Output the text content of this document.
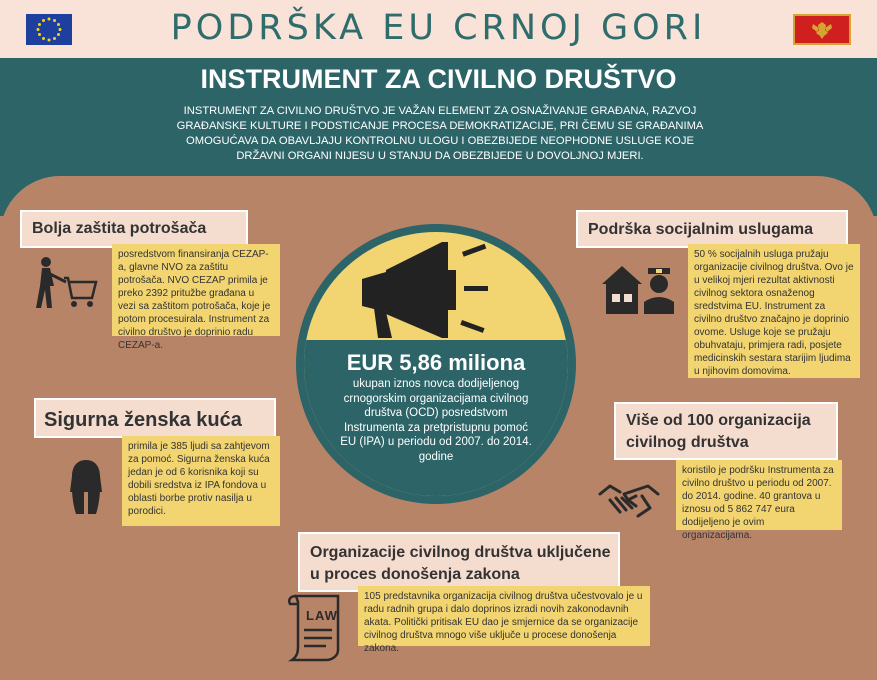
PODRŠKA EU CRNOJ GORI
INSTRUMENT ZA CIVILNO DRUŠTVO
INSTRUMENT ZA CIVILNO DRUŠTVO JE VAŽAN ELEMENT ZA OSNAŽIVANJE GRAĐANA, RAZVOJ GRAĐANSKE KULTURE I PODSTICANJE PROCESA DEMOKRATIZACIJE, PRI ČEMU SE GRAĐANIMA OMOGUĆAVA DA OBAVLJAJU KONTROLNU ULOGU I OBEZBIJEDE NEOPHODNE USLUGE KOJE DRŽAVNI ORGANI NIJESU U STANJU DA OBEZBIJEDE U DOVOLJNOJ MJERI.
EUR 5,86 miliona
ukupan iznos novca dodijeljenog crnogorskim organizacijama civilnog društva (OCD) posredstvom Instrumenta za pretpristupnu pomoć EU (IPA) u periodu od 2007. do 2014. godine
Bolja zaštita potrošača
posredstvom finansiranja CEZAP-a, glavne NVO za zaštitu potrošača. NVO CEZAP primila je preko 2392 pritužbe građana u vezi sa zaštitom potrošača, koje je potom procesuirala. Instrument za civilno društvo je doprinio radu CEZAP-a.
Podrška socijalnim uslugama
50 % socijalnih usluga pružaju organizacije civilnog društva. Ovo je u velikoj mjeri rezultat aktivnosti civilnog sektora osnaženog sredstvima EU. Instrument za civilno društvo značajno je doprinio ovome. Usluge koje se pružaju obuhvataju, primjera radi, posjete medicinskih sestara starijim ljudima u njihovim domovima.
Sigurna ženska kuća
primila je 385 ljudi sa zahtjevom za pomoć. Sigurna ženska kuća jedan je od 6 korisnika koji su dobili sredstva iz IPA fondova u oblasti borbe protiv nasilja u porodici.
Više od 100 organizacija civilnog društva
koristilo je podršku Instrumenta za civilno društvo u periodu od 2007. do 2014. godine. 40 grantova u iznosu od 5 862 747 eura dodijeljeno je ovim organizacijama.
Organizacije civilnog društva uključene u proces donošenja zakona
LAW
105 predstavnika organizacija civilnog društva učestvovalo je u radu radnih grupa i dalo doprinos izradi novih zakonodavnih akata. Politički pritisak EU dao je smjernice da se organizacije civilnog društva mnogo više uključe u procese donošenja zakona.
